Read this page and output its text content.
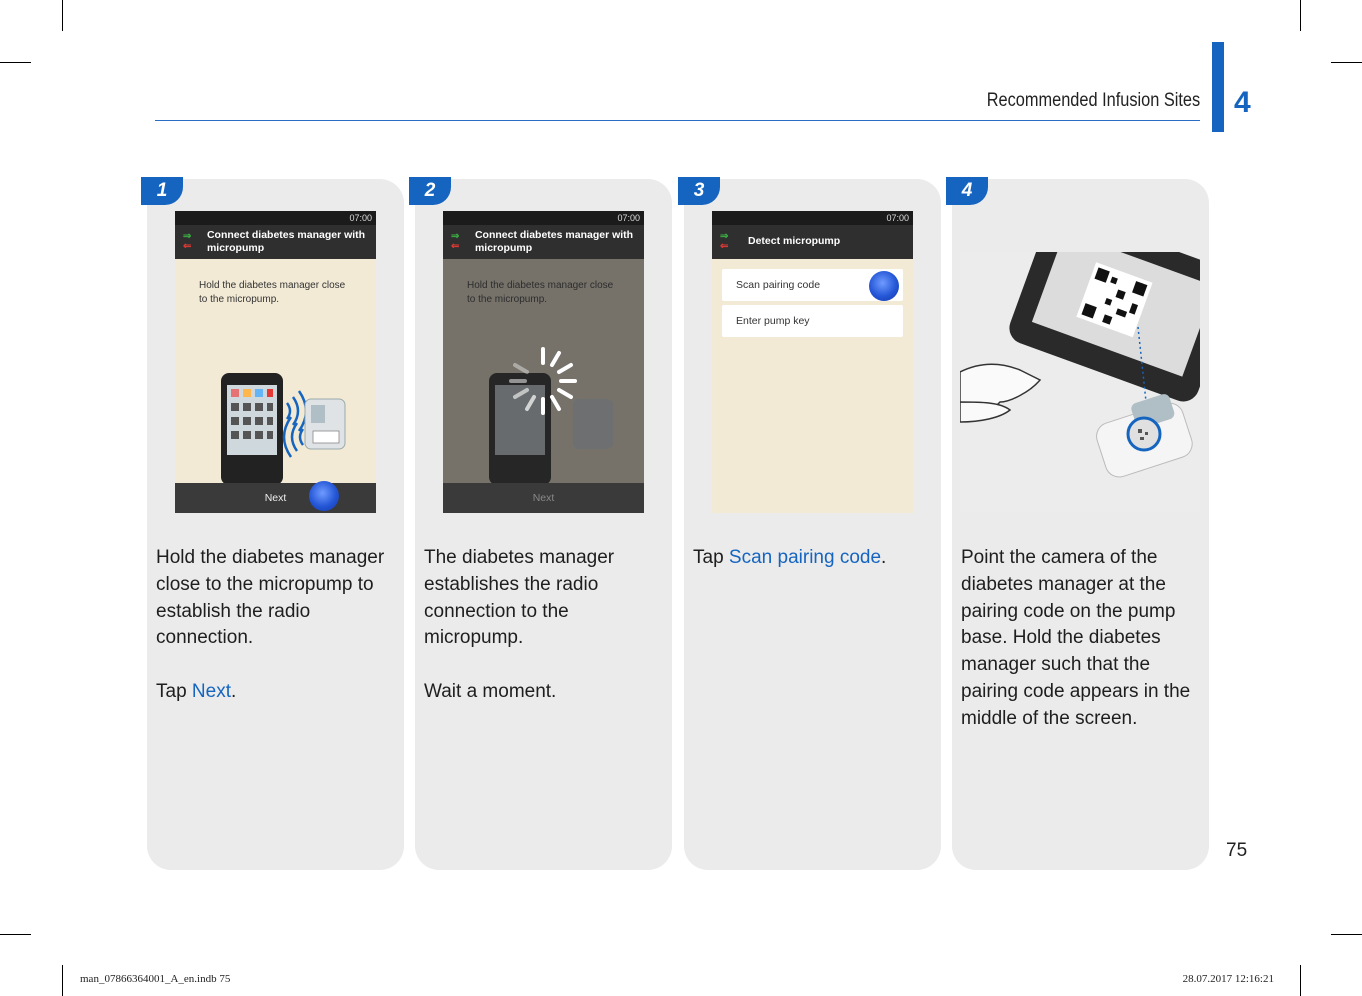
Recommended Infusion Sites 4
1
07:00
⇒
⇐
Connect diabetes manager with micropump
Hold the diabetes manager close to the micropump.
Next

Hold the diabetes manager close to the micropump to establish the radio connection.

Tap Next.

2
07:00
⇒
⇐
Connect diabetes manager with micropump
Next

The diabetes manager establishes the radio connection to the micropump.

Wait a moment.

3
07:00
⇒
⇐	Detect micropump
Scan pairing code
Enter pump key

Tap Scan pairing code.

4

Point the camera of the diabetes manager at the pairing code on the pump base. Hold the diabetes manager such that the pairing code appears in the middle of the screen.

75
man_07866364001_A_en.indb 75	28.07.2017 12:16:21
